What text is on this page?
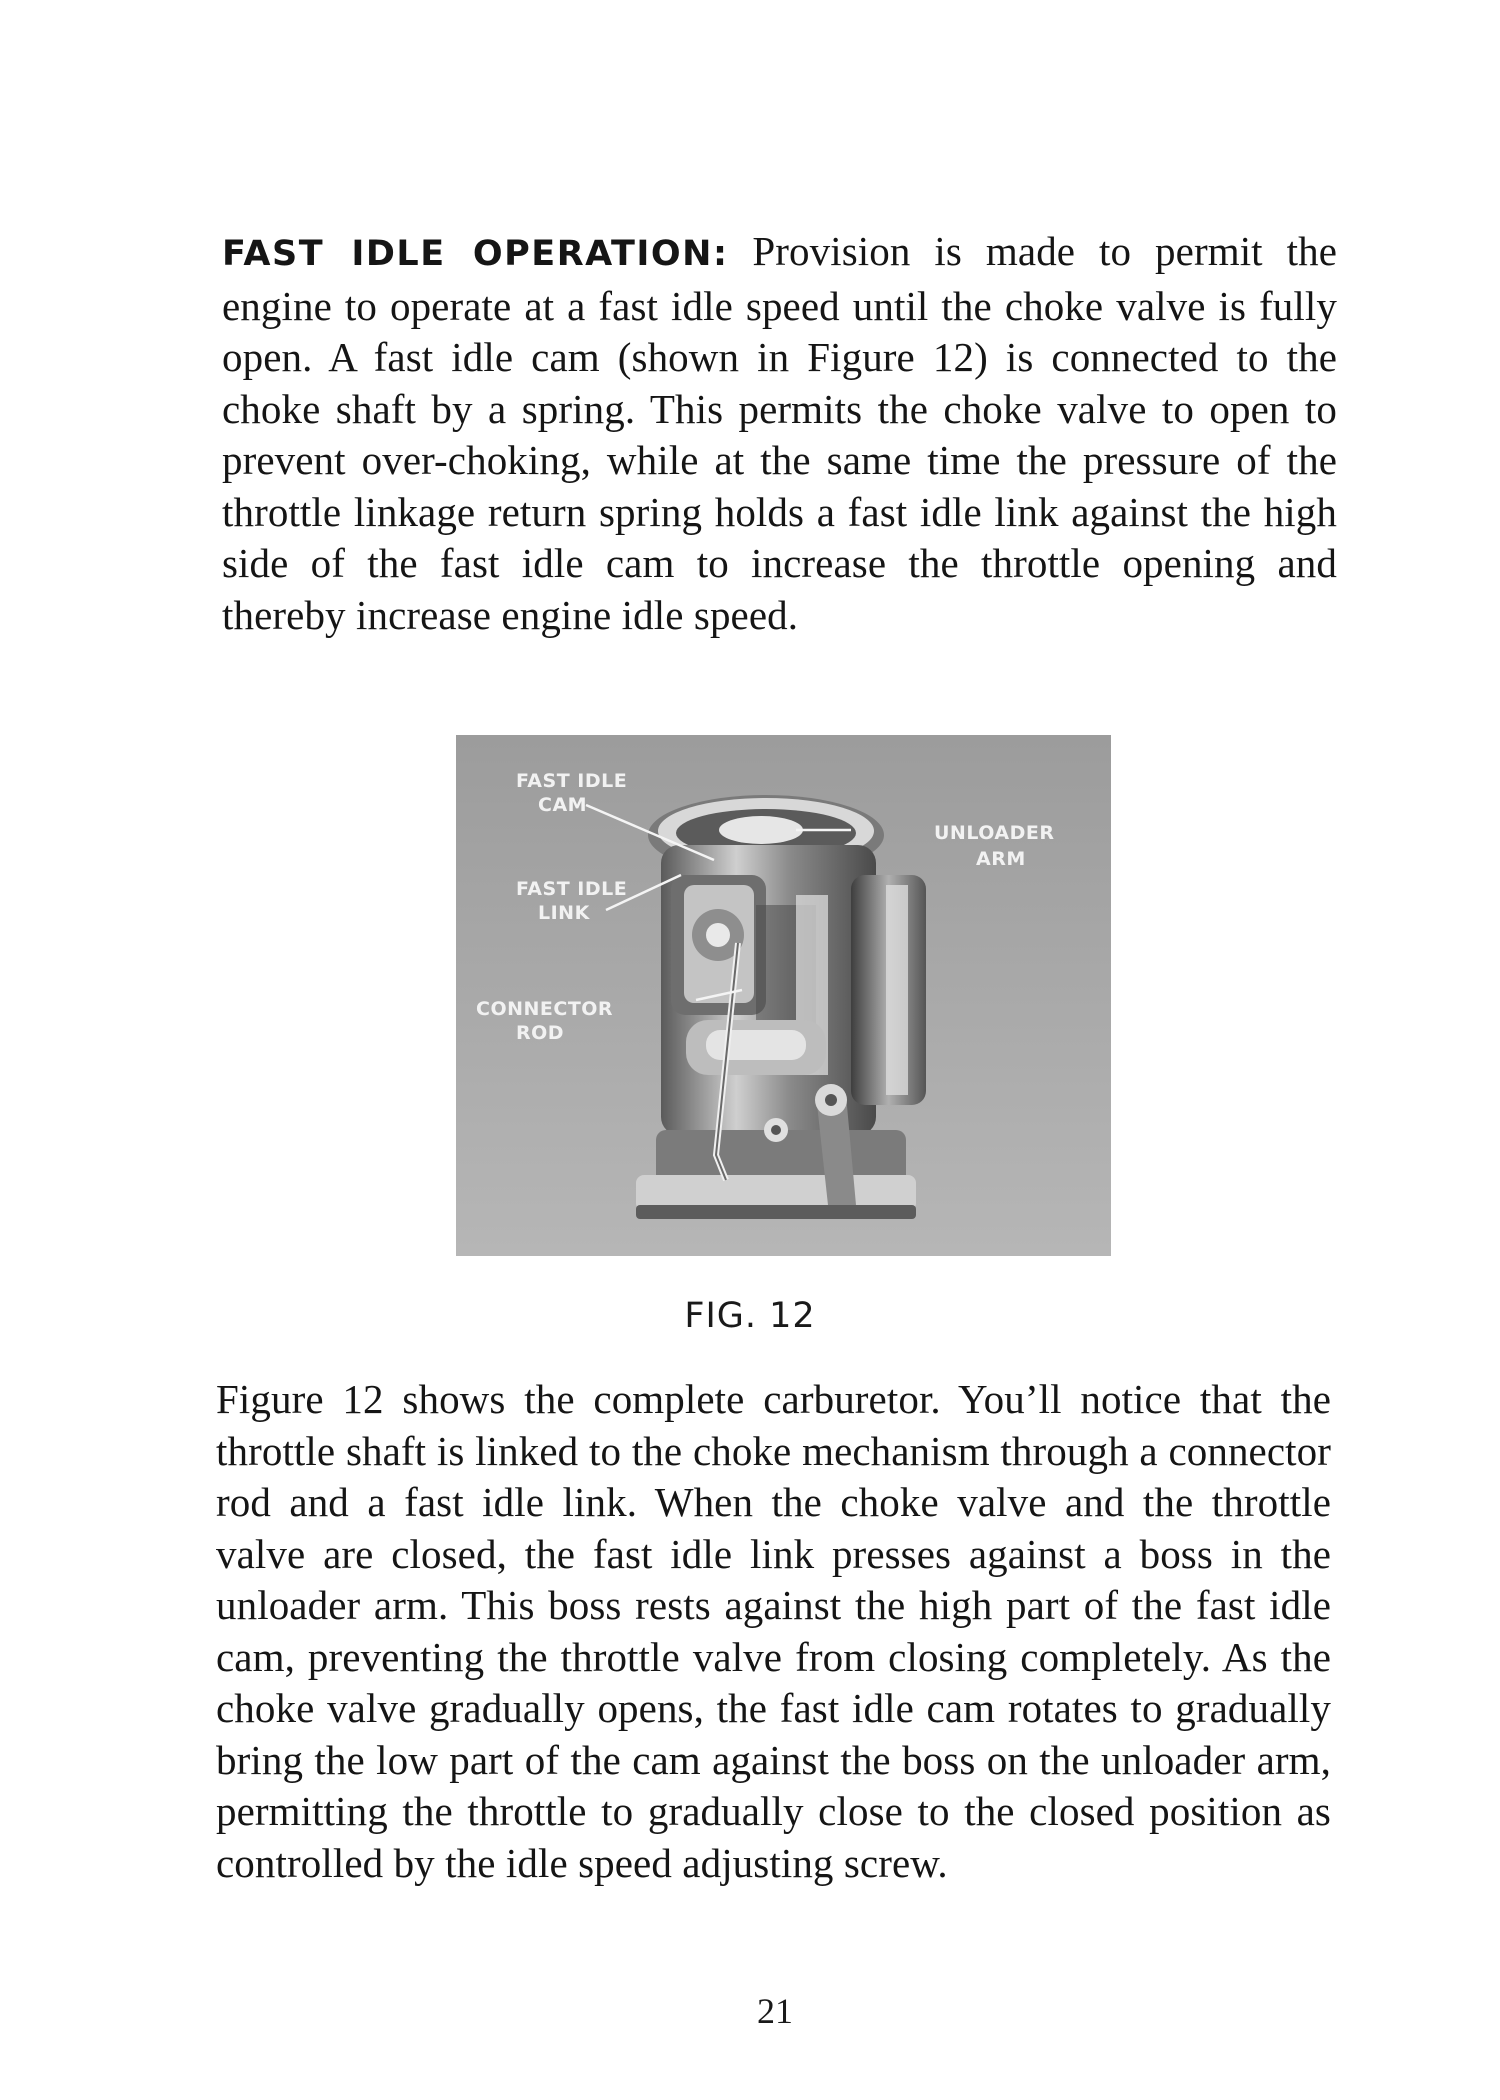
FAST IDLE OPERATION: Provision is made to permit the engine to operate at a fast idle speed until the choke valve is fully open. A fast idle cam (shown in Figure 12) is connected to the choke shaft by a spring. This permits the choke valve to open to prevent over-choking, while at the same time the pressure of the throttle linkage return spring holds a fast idle link against the high side of the fast idle cam to increase the throttle opening and thereby increase engine idle speed.

FAST IDLE
CAM
FAST IDLE
LINK
UNLOADER
ARM
CONNECTOR
ROD
FIG. 12

Figure 12 shows the complete carburetor. You’ll notice that the throttle shaft is linked to the choke mechanism through a connector rod and a fast idle link. When the choke valve and the throttle valve are closed, the fast idle link presses against a boss in the unloader arm. This boss rests against the high part of the fast idle cam, preventing the throttle valve from closing completely. As the choke valve gradually opens, the fast idle cam rotates to gradually bring the low part of the cam against the boss on the unloader arm, permitting the throttle to gradually close to the closed position as controlled by the idle speed adjusting screw.

21
